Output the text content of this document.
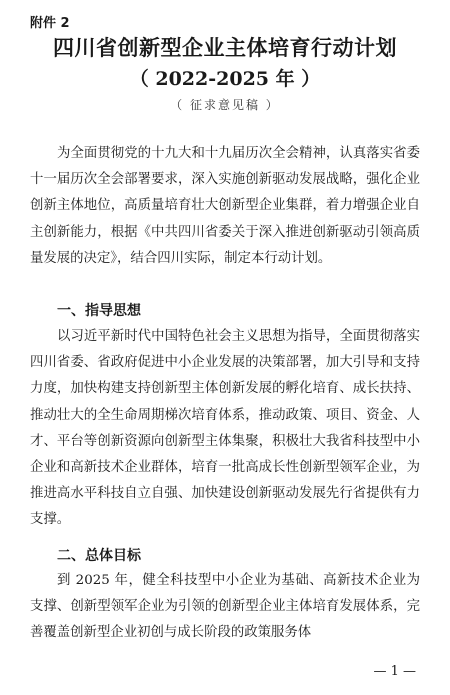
附件 2
四川省创新型企业主体培育行动计划
（ 2022-2025 年 ）
（ 征求意见稿 ）

为全面贯彻党的十九大和十九届历次全会精神，认真落实省委十一届历次全会部署要求，深入实施创新驱动发展战略，强化企业创新主体地位，高质量培育壮大创新型企业集群，着力增强企业自主创新能力，根据《中共四川省委关于深入推进创新驱动引领高质量发展的决定》，结合四川实际，制定本行动计划。

一、指导思想

以习近平新时代中国特色社会主义思想为指导，全面贯彻落实四川省委、省政府促进中小企业发展的决策部署，加大引导和支持力度，加快构建支持创新型主体创新发展的孵化培育、成长扶持、推动壮大的全生命周期梯次培育体系，推动政策、项目、资金、人才、平台等创新资源向创新型主体集聚，积极壮大我省科技型中小企业和高新技术企业群体，培育一批高成长性创新型领军企业，为推进高水平科技自立自强、加快建设创新驱动发展先行省提供有力支撑。

二、总体目标

到 2025 年，健全科技型中小企业为基础、高新技术企业为支撑、创新型领军企业为引领的创新型企业主体培育发展体系，完善覆盖创新型企业初创与成长阶段的政策服务体

— 1 —
